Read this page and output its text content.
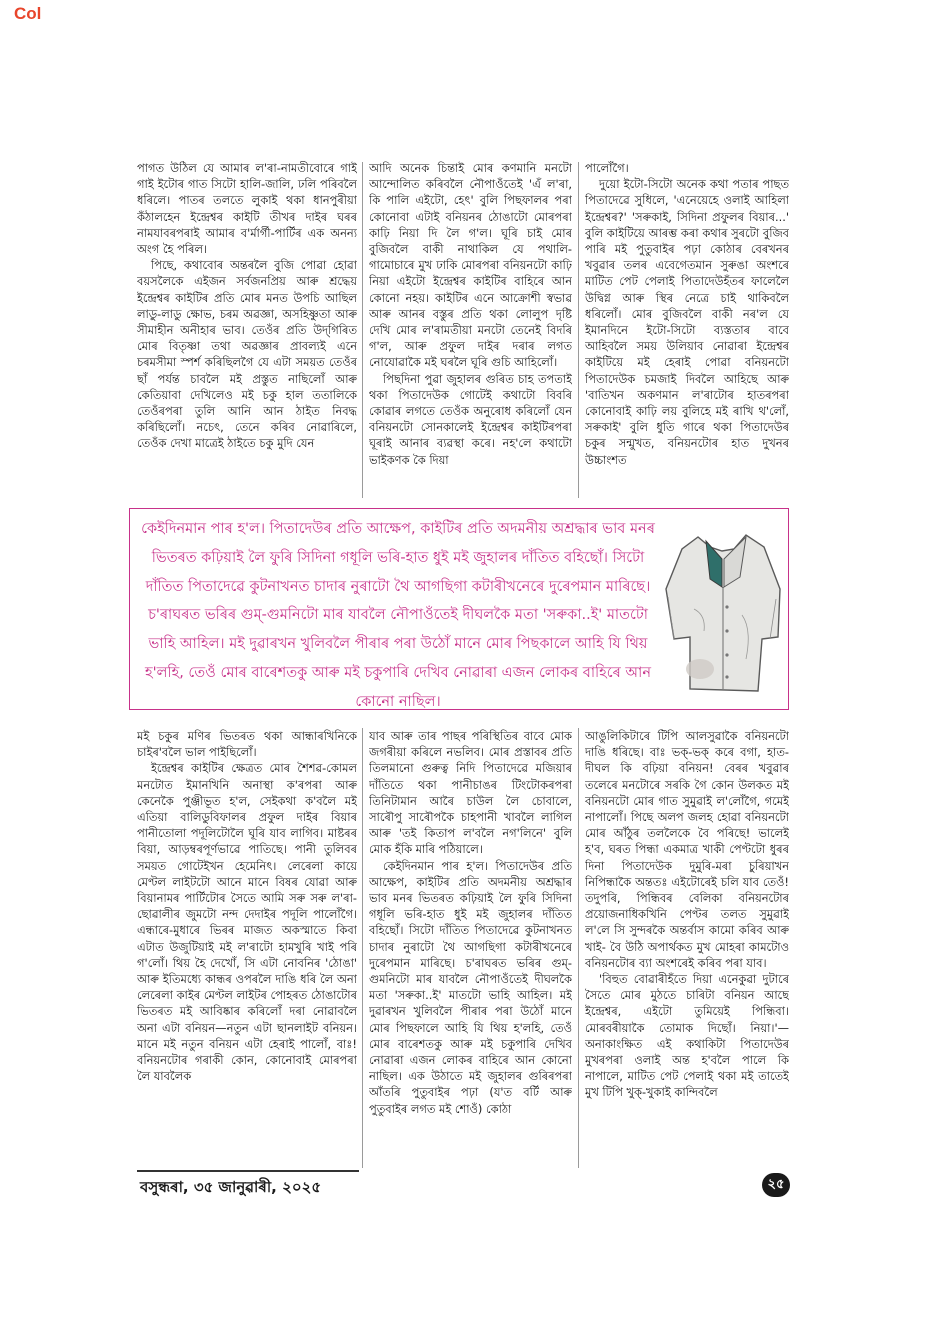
Col

পাগত উঠিল যে আমাৰ ল'ৰা-নামতীবোৰে গাই গাই ইটোৰ গাত সিটো হালি-জালি, ঢলি পৰিবলৈ ধৰিলে। পাতৰ তলতে লুকাই থকা ধানপুৰীয়া কঁঠালহেন ইন্দ্ৰেশ্বৰ কাইটি তীখৰ দাইৰ ঘৰৰ নামযাবৰপৰাই আমাৰ ব'ৰ্মাৰ্গী-পাৰ্টিৰ এক অনন্য অংগ হৈ পৰিল।

পিছে, কথাবোৰ অন্তৰলৈ বুজি পোৱা হোৱা বয়সলৈকে এইজন সৰ্বজনপ্ৰিয় আৰু শ্ৰদ্ধেয় ইন্দ্ৰেশ্বৰ কাইটিৰ প্ৰতি মোৰ মনত উপচি আছিল লাডু-লাডু ক্ষোভ, চৰম অৱজ্ঞা, অসহিষ্ণুতা আৰু সীমাহীন অনীহাৰ ভাব। তেওঁৰ প্ৰতি উদ্‌গিৰিত মোৰ বিতৃষ্ণা তথা অৱজ্ঞাৰ প্ৰাবল্যই এনে চৰমসীমা স্পৰ্শ কৰিছিলগৈ যে এটা সময়ত তেওঁৰ ছাঁ পৰ্যন্ত চাবলৈ মই প্ৰস্তুত নাছিলোঁ আৰু কেতিয়াবা দেখিলেও মই চকু হাল ততালিকে তেওঁৰপৰা তুলি আনি আন ঠাইত নিবদ্ধ কৰিছিলোঁ। নচেৎ, তেনে কৰিব নোৱাৰিলে, তেওঁক দেখা মাত্ৰেই ঠাইতে চকু মুদি যেন

আদি অনেক চিন্তাই মোৰ কণমানি মনটো আন্দোলিত কৰিবলৈ নৌপাওঁতেই 'এঁ ল'ৰা, কি পালি এইটো, হেৎ' বুলি পিছফালৰ পৰা কোনোবা এটাই বনিয়নৰ ঠোঙাটো মোৰপৰা কাঢ়ি নিয়া দি লৈ গ'ল। ঘূৰি চাই মোৰ বুজিবলৈ বাকী নাথাকিল যে পথালি-গামোচাৰে মুখ ঢাকি মোৰপৰা বনিয়নটো কাঢ়ি নিয়া এইটো ইন্দ্ৰেশ্বৰ কাইটিৰ বাহিৰে আন কোনো নহয়। কাইটিৰ এনে আক্ৰোশী স্বভাৱ আৰু আনৰ বস্তুৰ প্ৰতি থকা লোলুপ দৃষ্টি দেখি মোৰ ল'ৰামতীয়া মনটো তেনেই বিদৰি গ'ল, আৰু প্ৰফুল দাইৰ দৰাৰ লগত নোযোৱাকৈ মই ঘৰলৈ ঘূৰি গুচি আহিলোঁ।

পিছদিনা পুৱা জুহালৰ গুৰিত চাহ তপতাই থকা পিতাদেউক গোটেই কথাটো বিবৰি কোৱাৰ লগতে তেওঁক অনুৰোধ কৰিলোঁ যেন বনিয়নটো সোনকালেই ইন্দ্ৰেশ্বৰ কাইটিৰপৰা ঘূৰাই আনাৰ ব্যৱস্থা কৰে। নহ'লে কথাটো ভাইকণক কৈ দিয়া

পালোঁগৈ।

দুয়ো ইটো-সিটো অনেক কথা পতাৰ পাছত পিতাদেৱে সুধিলে, 'এনেয়েহে ওলাই আহিলা ইন্দ্ৰেশ্বৰ?' 'সৰুকাই, সিদিনা প্ৰফুলৰ বিয়াৰ...' বুলি কাইটিয়ে আৰম্ভ কৰা কথাৰ সুৰটো বুজিব পাৰি মই পুতুবাইৰ পঢ়া কোঠাৰ বেৰখনৰ খবুৱাৰ তলৰ এবেগেতমান সুৰুঙা অংশৰে মাটিত পেট পেলাই পিতাদেউহঁতৰ ফালেলৈ উদ্বিগ্ন আৰু স্থিৰ নেত্ৰে চাই থাকিবলৈ ধৰিলোঁ। মোৰ বুজিবলৈ বাকী নৰ'ল যে ইমানদিনে ইটো-সিটো ব্যস্ততাৰ বাবে আহিবলৈ সময় উলিয়াব নোৱাৰা ইন্দ্ৰেশ্বৰ কাইটিয়ে মই হেৰাই পোৱা বনিয়নটো পিতাদেউক চমজাই দিবলৈ আহিছে আৰু 'বাতিখন অকণমান ল'ৰাটোৰ হাতৰপৰা কোনোবাই কাঢ়ি লয় বুলিহে মই ৰাখি থ'লোঁ, সৰুকাই' বুলি ধুতি গাৰে থকা পিতাদেউৰ চকুৰ সন্মুখত, বনিয়নটোৰ হাত দুখনৰ উচ্চাংশত

কেইদিনমান পাৰ হ'ল। পিতাদেউৰ প্ৰতি আক্ষেপ, কাইটিৰ প্ৰতি অদমনীয় অশ্ৰদ্ধাৰ ভাব মনৰ ভিতৰত কঢ়িয়াই লৈ ফুৰি সিদিনা গধূলি ভৰি-হাত ধুই মই জুহালৰ দাঁতিত বহিছোঁ। সিটো দাঁতিত পিতাদেৱে কুটনাখনত চাদাৰ নুৰাটো থৈ আগছিগা কটাৰীখনেৰে দুৰেপমান মাৰিছে। চ'ৰাঘৰত ভৰিৰ গুম্‌-গুমনিটো মাৰ যাবলৈ নৌপাওঁতেই দীঘলকৈ মতা 'সৰুকা..ই' মাতটো ভাহি আহিল। মই দুৱাৰখন খুলিবলৈ পীৰাৰ পৰা উঠোঁ মানে মোৰ পিছকালে আহি যি থিয় হ'লহি, তেওঁ মোৰ বাৰেশতকু আৰু মই চকুপাৰি দেখিব নোৱাৰা এজন লোকৰ বাহিৰে আন কোনো নাছিল।

মই চকুৰ মণিৰ ভিতৰত থকা আন্ধাৰখিনিকে চাইৰ'বলৈ ভাল পাইছিলোঁ।

ইন্দ্ৰেশ্বৰ কাইটিৰ ক্ষেত্ৰত মোৰ শৈশৱ-কোমল মনটোত ইমানখিনি অনাস্থা ক'ৰপৰা আৰু কেনেকৈ পুঞ্জীভূত হ'ল, সেইকথা ক'বলৈ মই এতিয়া বালিডুবিফালৰ প্ৰফুল দাইৰ বিয়াৰ পানীতোলা পদূলিটোলৈ ঘূৰি যাব লাগিব। মাষ্টৰৰ বিয়া, আড়ম্বৰপূৰ্ণভাৱে পাতিছে। পানী তুলিবৰ সময়ত গোটেইখন হেমেনিৎ। লেৰেলা কায়ে মেণ্টল লাইটটো আনে মানে বিষৰ যোৱা আৰু বিয়ানামৰ পাৰ্টিটোৰ সৈতে আমি সৰু সৰু ল'ৰা-ছোৱালীৰ জুমটো নন্দ দেদাইৰ পদূলি পালোঁগৈ। এন্ধাৰে-মুধাৰে ভিৰৰ মাজত অকস্মাতে কিবা এটাত উজুটিয়াই মই ল'ৰাটো হামখুৰি খাই পৰি গ'লোঁ। থিয় হৈ দেখোঁ, সি এটা নোবনিৰ 'ঠোঙা' আৰু ইতিমধ্যে কান্ধৰ ওপৰলৈ দাঙি ধৰি লৈ অনা লেৰেলা কাইৰ মেণ্টল লাইটৰ পোহৰত ঠোঙাটোৰ ভিতৰত মই আবিষ্কাৰ কৰিলোঁ দৰা নোৱাবলৈ অনা এটা বনিয়ন—নতুন এটা ছানলাইট বনিয়ন। মানে মই নতুন বনিয়ন এটা হেৰাই পালোঁ, বাঃ! বনিয়নটোৰ গৰাকী কোন, কোনোবাই মোৰপৰা লৈ যাবলৈক

যাব আৰু তাৰ পাছৰ পৰিস্থিতিৰ বাবে মোক জগৰীয়া কৰিলে নভলিব। মোৰ প্ৰস্তাবৰ প্ৰতি তিলমানো গুৰুত্ব নিদি পিতাদেৱে মজিয়াৰ দাঁতিতে থকা পানীচাঙৰ টিংটোকৰপৰা তিনিটামান আৰৈ চাউল লৈ চোবালে, সাৰৌপু সাৰৌপকৈ চাহপানী খাবলৈ লাগিল আৰু 'তই কিতাপ ল'বলৈ নগ'লিনে' বুলি মোক হঁকি মাৰি পঠিয়ালে।

কেইদিনমান পাৰ হ'ল। পিতাদেউৰ প্ৰতি আক্ষেপ, কাইটিৰ প্ৰতি অদমনীয় অশ্ৰদ্ধাৰ ভাব মনৰ ভিতৰত কঢ়িয়াই লৈ ফুৰি সিদিনা গধূলি ভৰি-হাত ধুই মই জুহালৰ দাঁতিত বহিছোঁ। সিটো দাঁতিত পিতাদেৱে কুটনাখনত চাদাৰ নুৰাটো থৈ আগছিগা কটাৰীখনেৰে দুৰেপমান মাৰিছে। চ'ৰাঘৰত ভৰিৰ গুম্‌-গুমনিটো মাৰ যাবলৈ নৌপাওঁতেই দীঘলকৈ মতা 'সৰুকা..ই' মাতটো ভাহি আহিল। মই দুৱাৰখন খুলিবলৈ পীৰাৰ পৰা উঠোঁ মানে মোৰ পিছফালে আহি যি থিয় হ'লহি, তেওঁ মোৰ বাৰেশতকু আৰু মই চকুপাৰি দেখিব নোৱাৰা এজন লোকৰ বাহিৰে আন কোনো নাছিল। এক উঠাতে মই জুহালৰ গুৰিৰপৰা আঁতৰি পুতুবাইৰ পঢ়া (য'ত বৰ্টি আৰু পুতুবাইৰ লগত মই শোওঁ) কোঠা

আঙুলিকিটাৰে টিপি আলসুৱাকৈ বনিয়নটো দাঙি ধৰিছে। বাঃ ভক্-ভক্ কৰে বগা, হাত-দীঘল কি বঢ়িয়া বনিয়ন! বেৰৰ খবুৱাৰ তলেৰে মনটোৰে সৰকি গৈ কোন উলকত মই বনিয়নটো মোৰ গাত সুমুৱাই ল'লোঁগৈ, গমেই নাপালোঁ। পিছে অলপ জলহ হোৱা বনিয়নটো মোৰ আঁঠুৰ তললৈকে বৈ পৰিছে! ভালেই হ'ব, ঘৰত পিন্ধা একমাত্ৰ খাকী পেণ্টটো ধুৰৰ দিনা পিতাদেউক দুমুৰি-মৰা চুৰিয়াখন নিপিন্ধাকৈ অন্ততঃ এইটোৰেই চলি যাব তেওঁ! তদুপৰি, পিন্ধিবৰ বেলিকা বনিয়নটোৰ প্ৰয়োজনাধিকখিনি পেণ্টৰ তলত সুমুৱাই ল'লে সি সুন্দৰকৈ অন্তৰ্বাস কামো কৰিব আৰু খাই- বৈ উঠি অপাৰ্থকত মুখ মোহৰা কামটোও বনিয়নটোৰ ব্যা অংশৰেই কৰিব পৰা যাব।

'বিহুত বোৱাৰীহঁতে দিয়া এনেকুৱা দুটাৰে সৈতে মোৰ মুঠতে চাৰিটা বনিয়ন আছে ইন্দ্ৰেশ্বৰ, এইটো তুমিয়েই পিন্ধিবা। মোৰবৰীয়াকৈ তোমাক দিছোঁ। নিয়া।'— অনাকাংক্ষিত এই কথাকিটা পিতাদেউৰ মুখৰপৰা ওলাই অন্ত হ'বলৈ পালে কি নাপালে, মাটিত পেট পেলাই থকা মই তাতেই মুখ টিপি খুক্-খুকাই কান্দিবলৈ

বসুন্ধৰা, ৩৫ জানুৱাৰী, ২০২৫	২৫
